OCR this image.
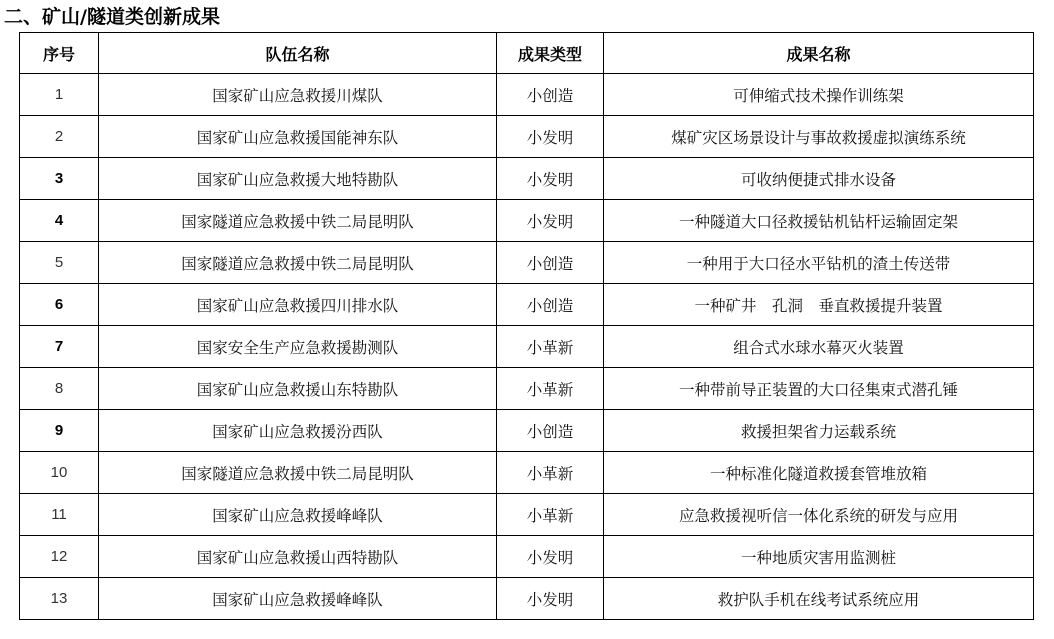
二、矿山/隧道类创新成果
序号	队伍名称	成果类型	成果名称
1	国家矿山应急救援川煤队	小创造	可伸缩式技术操作训练架
2	国家矿山应急救援国能神东队	小发明	煤矿灾区场景设计与事故救援虚拟演练系统
3	国家矿山应急救援大地特勘队	小发明	可收纳便捷式排水设备
4	国家隧道应急救援中铁二局昆明队	小发明	一种隧道大口径救援钻机钻杆运输固定架
5	国家隧道应急救援中铁二局昆明队	小创造	一种用于大口径水平钻机的渣土传送带
6	国家矿山应急救援四川排水队	小创造	一种矿井　孔洞　垂直救援提升装置
7	国家安全生产应急救援勘测队	小革新	组合式水球水幕灭火装置
8	国家矿山应急救援山东特勘队	小革新	一种带前导正装置的大口径集束式潜孔锤
9	国家矿山应急救援汾西队	小创造	救援担架省力运载系统
10	国家隧道应急救援中铁二局昆明队	小革新	一种标准化隧道救援套管堆放箱
11	国家矿山应急救援峰峰队	小革新	应急救援视听信一体化系统的研发与应用
12	国家矿山应急救援山西特勘队	小发明	一种地质灾害用监测桩
13	国家矿山应急救援峰峰队	小发明	救护队手机在线考试系统应用
